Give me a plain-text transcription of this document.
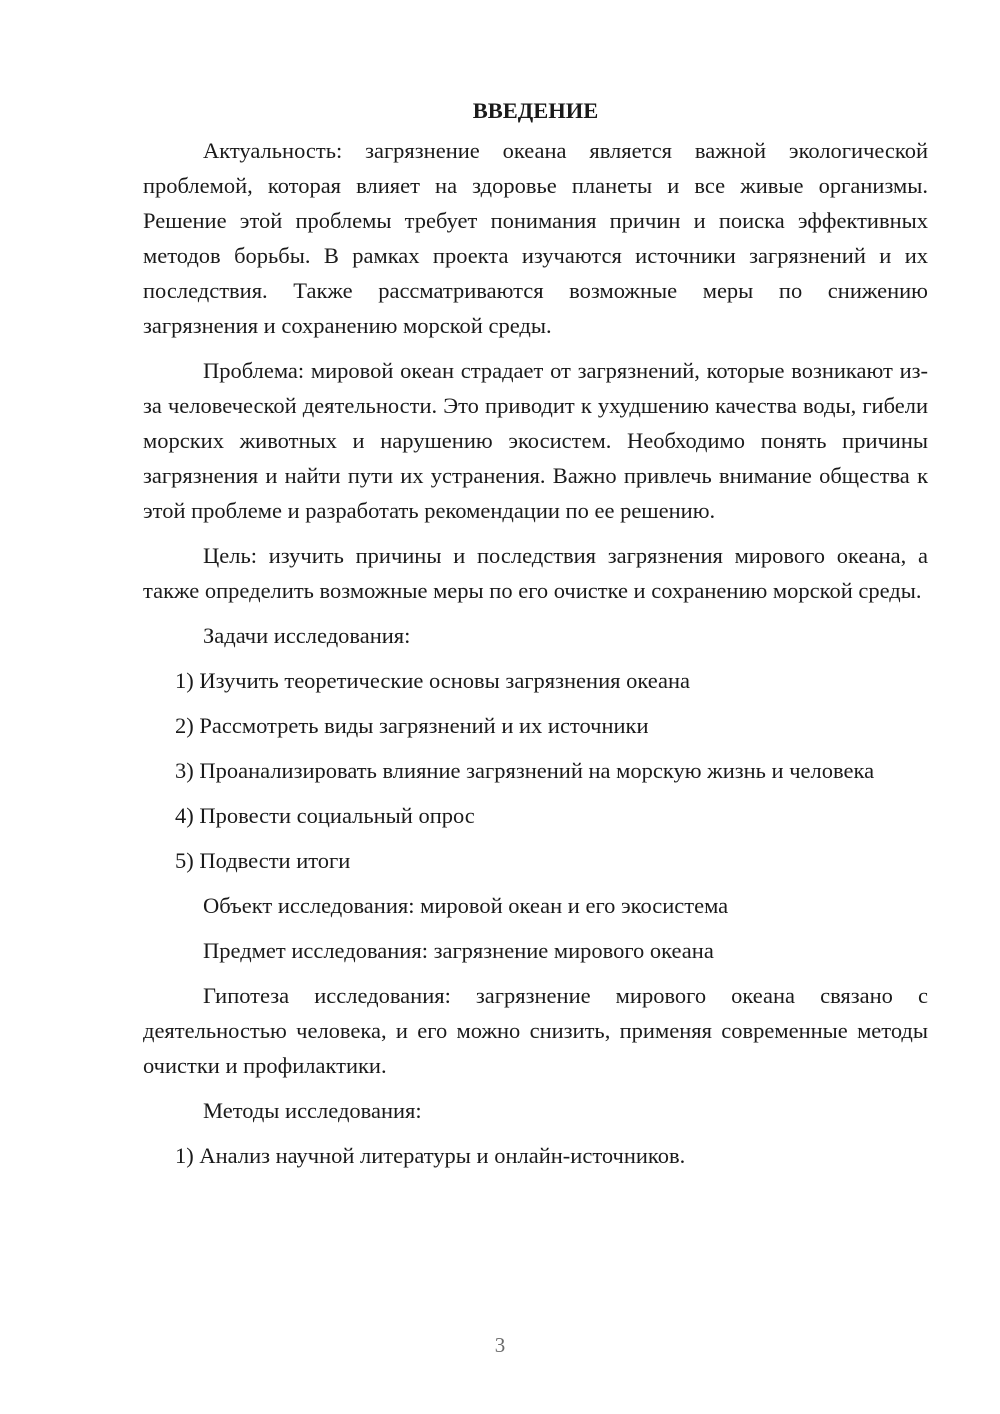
ВВЕДЕНИЕ

Актуальность: загрязнение океана является важной экологической проблемой, которая влияет на здоровье планеты и все живые организмы. Решение этой проблемы требует понимания причин и поиска эффективных методов борьбы. В рамках проекта изучаются источники загрязнений и их последствия. Также рассматриваются возможные меры по снижению загрязнения и сохранению морской среды.

Проблема: мировой океан страдает от загрязнений, которые возникают из-за человеческой деятельности. Это приводит к ухудшению качества воды, гибели морских животных и нарушению экосистем. Необходимо понять причины загрязнения и найти пути их устранения. Важно привлечь внимание общества к этой проблеме и разработать рекомендации по ее решению.

Цель: изучить причины и последствия загрязнения мирового океана, а также определить возможные меры по его очистке и сохранению морской среды.

Задачи исследования:

1) Изучить теоретические основы загрязнения океана

2) Рассмотреть виды загрязнений и их источники

3) Проанализировать влияние загрязнений на морскую жизнь и человека

4) Провести социальный опрос

5) Подвести итоги

Объект исследования: мировой океан и его экосистема

Предмет исследования: загрязнение мирового океана

Гипотеза исследования: загрязнение мирового океана связано с деятельностью человека, и его можно снизить, применяя современные методы очистки и профилактики.

Методы исследования:

1) Анализ научной литературы и онлайн-источников.

3
